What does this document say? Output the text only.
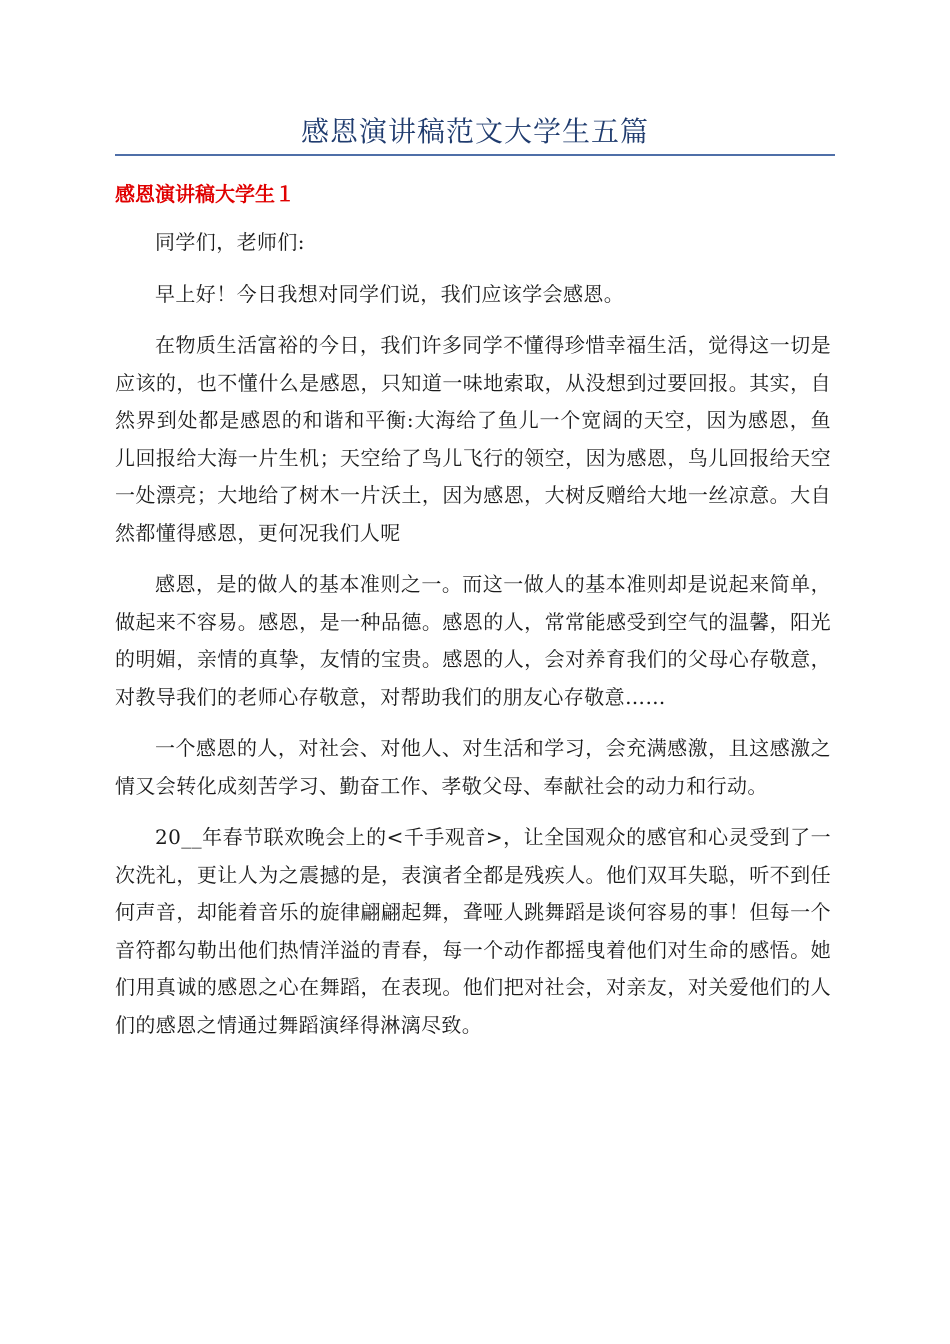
感恩演讲稿范文大学生五篇
感恩演讲稿大学生１

同学们，老师们:

早上好！今日我想对同学们说，我们应该学会感恩。

在物质生活富裕的今日，我们许多同学不懂得珍惜幸福生活，觉得这一切是应该的，也不懂什么是感恩，只知道一味地索取，从没想到过要回报。其实，自然界到处都是感恩的和谐和平衡:大海给了鱼儿一个宽阔的天空，因为感恩，鱼儿回报给大海一片生机；天空给了鸟儿飞行的领空，因为感恩，鸟儿回报给天空一处漂亮；大地给了树木一片沃土，因为感恩，大树反赠给大地一丝凉意。大自然都懂得感恩，更何况我们人呢

感恩，是的做人的基本准则之一。而这一做人的基本准则却是说起来简单，做起来不容易。感恩，是一种品德。感恩的人，常常能感受到空气的温馨，阳光的明媚，亲情的真挚，友情的宝贵。感恩的人，会对养育我们的父母心存敬意，对教导我们的老师心存敬意，对帮助我们的朋友心存敬意……

一个感恩的人，对社会、对他人、对生活和学习，会充满感激，且这感激之情又会转化成刻苦学习、勤奋工作、孝敬父母、奉献社会的动力和行动。

20__年春节联欢晚会上的<千手观音>，让全国观众的感官和心灵受到了一次洗礼，更让人为之震撼的是，表演者全都是残疾人。他们双耳失聪，听不到任何声音，却能着音乐的旋律翩翩起舞，聋哑人跳舞蹈是谈何容易的事！但每一个音符都勾勒出他们热情洋溢的青春，每一个动作都摇曳着他们对生命的感悟。她们用真诚的感恩之心在舞蹈，在表现。他们把对社会，对亲友，对关爱他们的人们的感恩之情通过舞蹈演绎得淋漓尽致。
